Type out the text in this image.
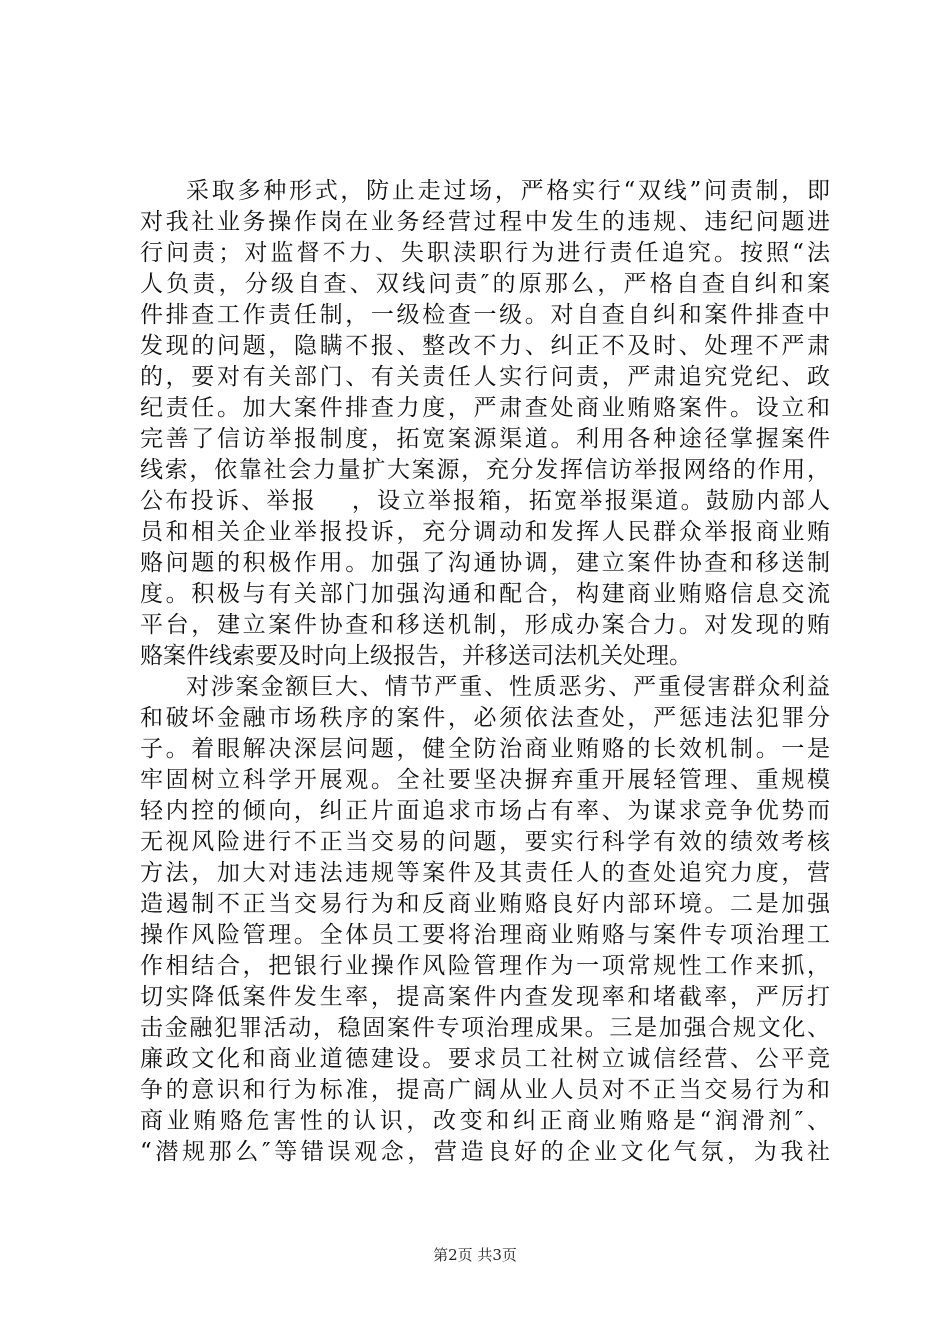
采取多种形式，防止走过场，严格实行“双线”问责制，即
对我社业务操作岗在业务经营过程中发生的违规、违纪问题进
行问责；对监督不力、失职渎职行为进行责任追究。按照“法
人负责，分级自查、双线问责″的原那么，严格自查自纠和案
件排查工作责任制，一级检查一级。对自查自纠和案件排查中
发现的问题，隐瞒不报、整改不力、纠正不及时、处理不严肃
的，要对有关部门、有关责任人实行问责，严肃追究党纪、政
纪责任。加大案件排查力度，严肃查处商业贿赂案件。设立和
完善了信访举报制度，拓宽案源渠道。利用各种途径掌握案件
线索，依靠社会力量扩大案源，充分发挥信访举报网络的作用，
公布投诉、举报　 ，设立举报箱，拓宽举报渠道。鼓励内部人
员和相关企业举报投诉，充分调动和发挥人民群众举报商业贿
赂问题的积极作用。加强了沟通协调，建立案件协查和移送制
度。积极与有关部门加强沟通和配合，构建商业贿赂信息交流
平台，建立案件协查和移送机制，形成办案合力。对发现的贿
赂案件线索要及时向上级报告，并移送司法机关处理。
对涉案金额巨大、情节严重、性质恶劣、严重侵害群众利益
和破坏金融市场秩序的案件，必须依法查处，严惩违法犯罪分
子。着眼解决深层问题，健全防治商业贿赂的长效机制。一是
牢固树立科学开展观。全社要坚决摒弃重开展轻管理、重规模
轻内控的倾向，纠正片面追求市场占有率、为谋求竞争优势而
无视风险进行不正当交易的问题，要实行科学有效的绩效考核
方法，加大对违法违规等案件及其责任人的查处追究力度，营
造遏制不正当交易行为和反商业贿赂良好内部环境。二是加强
操作风险管理。全体员工要将治理商业贿赂与案件专项治理工
作相结合，把银行业操作风险管理作为一项常规性工作来抓，
切实降低案件发生率，提高案件内查发现率和堵截率，严厉打
击金融犯罪活动，稳固案件专项治理成果。三是加强合规文化、
廉政文化和商业道德建设。要求员工社树立诚信经营、公平竞
争的意识和行为标准，提高广阔从业人员对不正当交易行为和
商业贿赂危害性的认识，改变和纠正商业贿赂是“润滑剂″、
“潜规那么″等错误观念，营造良好的企业文化气氛，为我社
第2页 共3页
